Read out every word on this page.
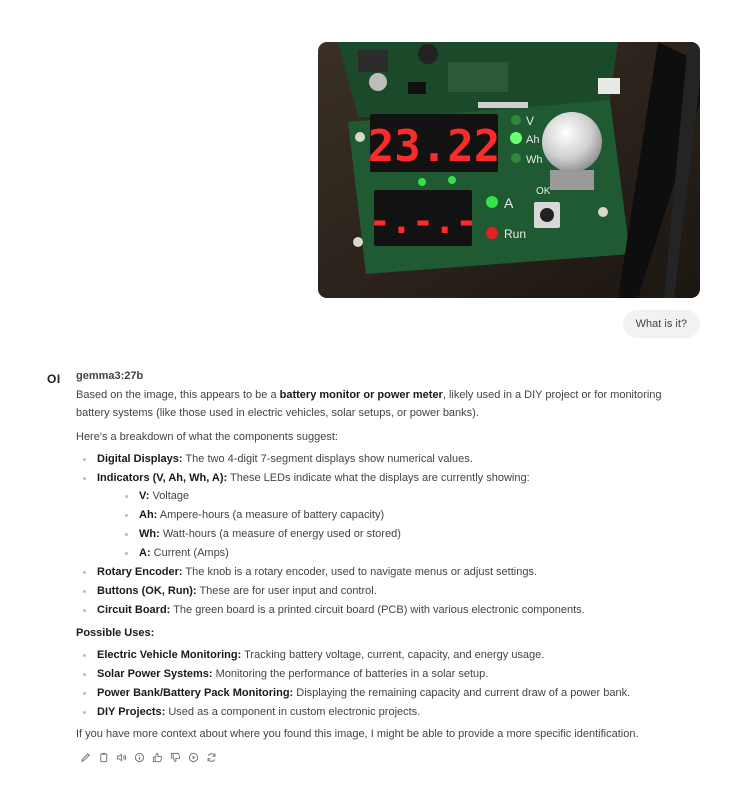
23.22
-.-.-
V
Ah
Wh
A
Run
OK
What is it?
OI gemma3:27b

Based on the image, this appears to be a battery monitor or power meter, likely used in a DIY project or for monitoring battery systems (like those used in electric vehicles, solar setups, or power banks).

Here's a breakdown of what the components suggest:

Digital Displays: The two 4-digit 7-segment displays show numerical values.
Indicators (V, Ah, Wh, A): These LEDs indicate what the displays are currently showing:
V: Voltage
Ah: Ampere-hours (a measure of battery capacity)
Wh: Watt-hours (a measure of energy used or stored)
A: Current (Amps)
Rotary Encoder: The knob is a rotary encoder, used to navigate menus or adjust settings.
Buttons (OK, Run): These are for user input and control.
Circuit Board: The green board is a printed circuit board (PCB) with various electronic components.

Possible Uses:

Electric Vehicle Monitoring: Tracking battery voltage, current, capacity, and energy usage.
Solar Power Systems: Monitoring the performance of batteries in a solar setup.
Power Bank/Battery Pack Monitoring: Displaying the remaining capacity and current draw of a power bank.
DIY Projects: Used as a component in custom electronic projects.

If you have more context about where you found this image, I might be able to provide a more specific identification.
